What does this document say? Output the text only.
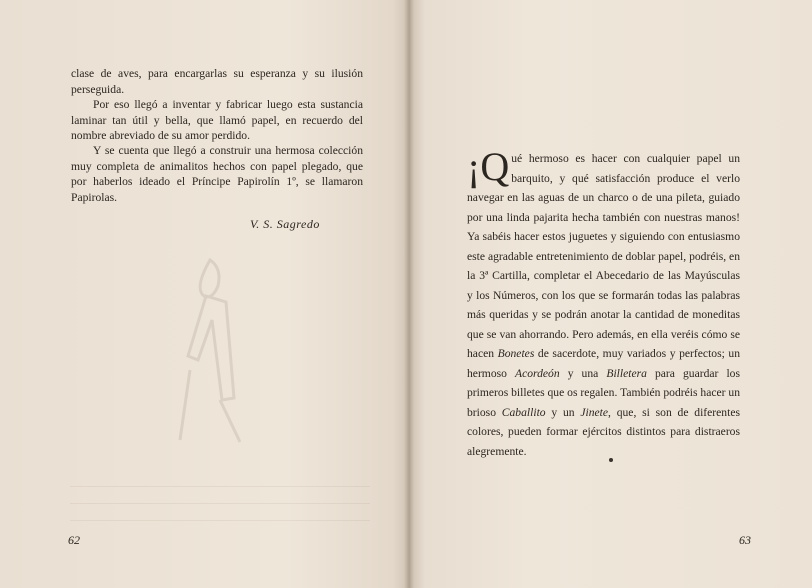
clase de aves, para encargarlas su esperanza y su ilusión perseguida.

Por eso llegó a inventar y fabricar luego esta sustancia laminar tan útil y bella, que llamó papel, en recuerdo del nombre abreviado de su amor perdido.

Y se cuenta que llegó a construir una hermosa colección muy completa de animalitos hechos con papel plegado, que por haberlos ideado el Príncipe Papirolín 1º, se llamaron Papirolas.

V. S. Sagredo
62

¡Q ué hermoso es hacer con cualquier papel un barquito, y qué satisfacción produce el verlo navegar en las aguas de un charco o de una pileta, guiado por una linda pajarita hecha también con nuestras manos! Ya sabéis hacer estos juguetes y siguiendo con entusiasmo este agradable entretenimiento de doblar papel, podréis, en la 3ª Cartilla, completar el Abecedario de las Mayúsculas y los Números, con los que se formarán todas las palabras más queridas y se podrán anotar la cantidad de moneditas que se van ahorrando. Pero además, en ella veréis cómo se hacen Bonetes de sacerdote, muy variados y perfectos; un hermoso Acordeón y una Billetera para guardar los primeros billetes que os regalen. También podréis hacer un brioso Caballito y un Jinete, que, si son de diferentes colores, pueden formar ejércitos distintos para distraeros alegremente.

63
